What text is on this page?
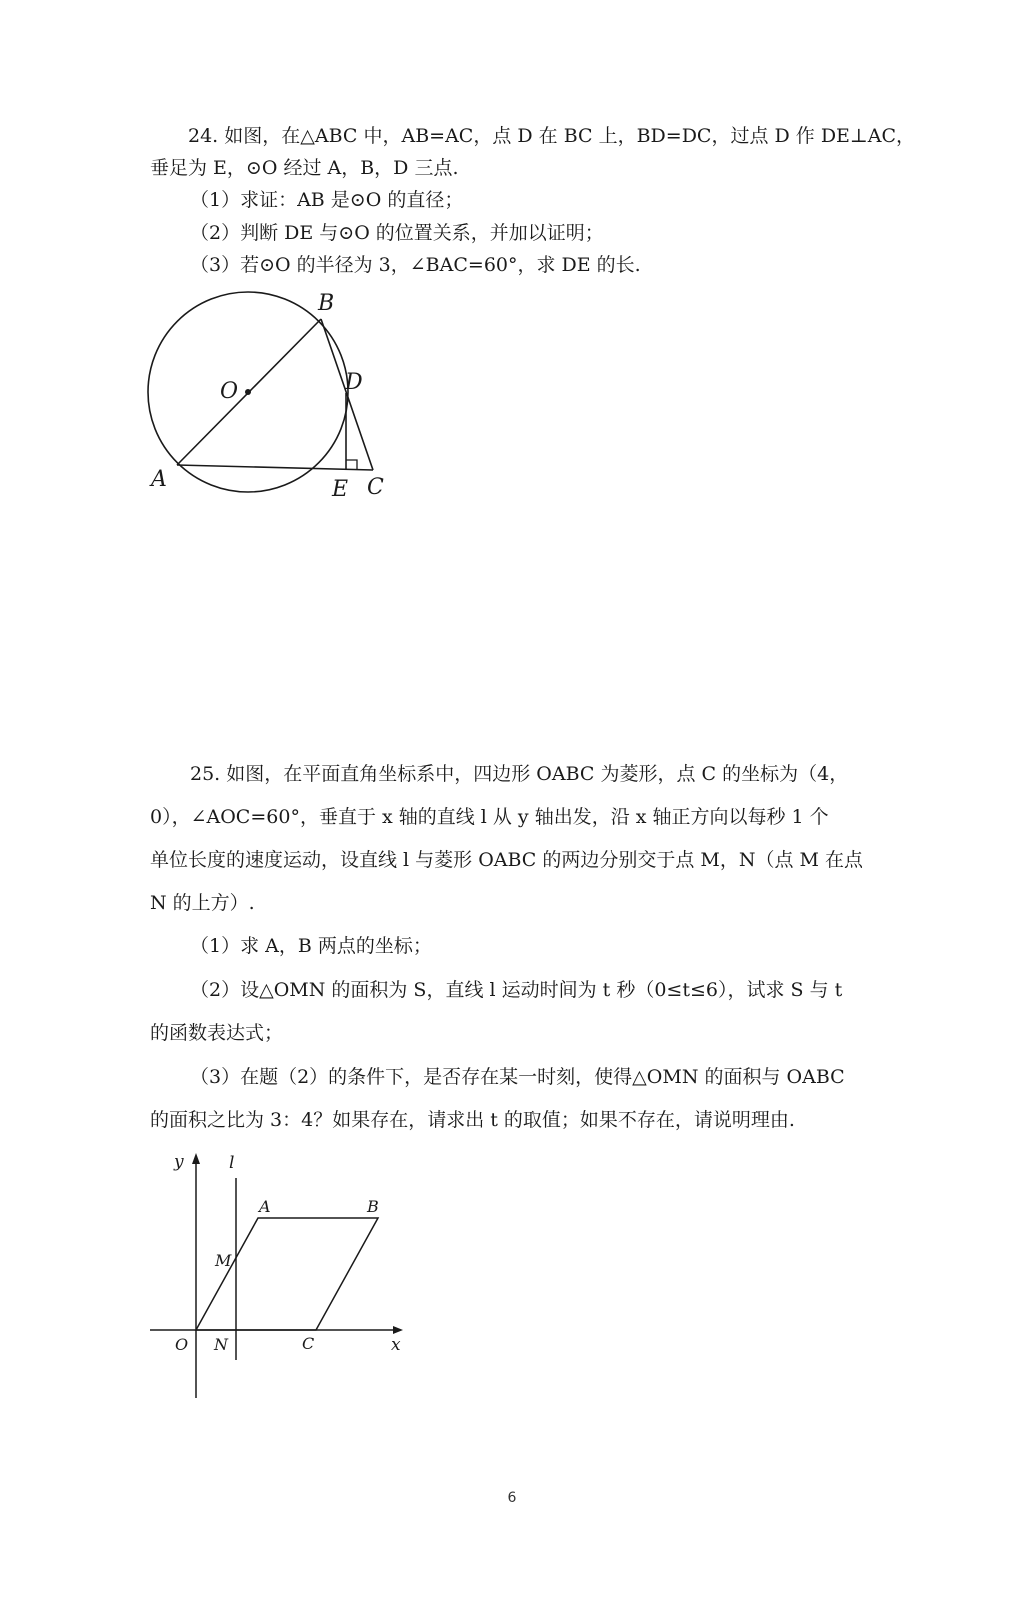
24. 如图，在△ABC 中，AB=AC，点 D 在 BC 上，BD=DC，过点 D 作 DE⊥AC，
垂足为 E，⊙O 经过 A，B，D 三点.
（1）求证：AB 是⊙O 的直径；
（2）判断 DE 与⊙O 的位置关系，并加以证明；
（3）若⊙O 的半径为 3，∠BAC=60°，求 DE 的长.
B
O	D
A	E C
25. 如图，在平面直角坐标系中，四边形 OABC 为菱形，点 C 的坐标为（4，
0），∠AOC=60°，垂直于 x 轴的直线 l 从 y 轴出发，沿 x 轴正方向以每秒 1 个
单位长度的速度运动，设直线 l 与菱形 OABC 的两边分别交于点 M，N（点 M 在点
N 的上方）.
（1）求 A，B 两点的坐标；
（2）设△OMN 的面积为 S，直线 l 运动时间为 t 秒（0≤t≤6），试求 S 与 t
的函数表达式；
（3）在题（2）的条件下，是否存在某一时刻，使得△OMN 的面积与 OABC
的面积之比为 3：4？如果存在，请求出 t 的取值；如果不存在，请说明理由.
y	l
A	B
M
O N	C	x
6
